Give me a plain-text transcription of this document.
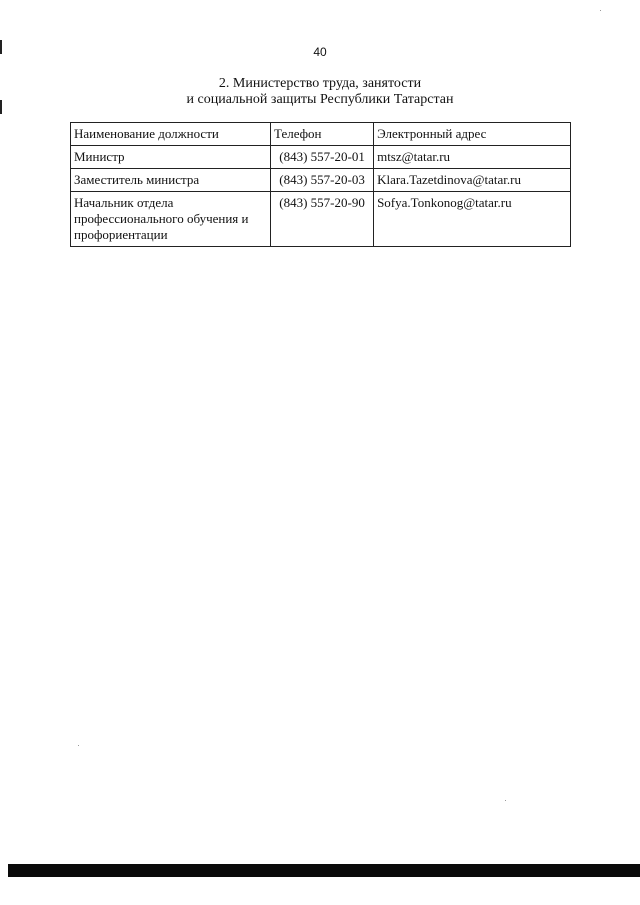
40
2. Министерство труда, занятости
и социальной защиты Республики Татарстан
Наименование должности	Телефон	Электронный адрес
Министр	(843) 557-20-01	mtsz@tatar.ru
Заместитель министра	(843) 557-20-03	Klara.Tazetdinova@tatar.ru

Начальник отдела
профессионального обучения и
профориентации	(843) 557-20-90	Sofya.Tonkonog@tatar.ru
